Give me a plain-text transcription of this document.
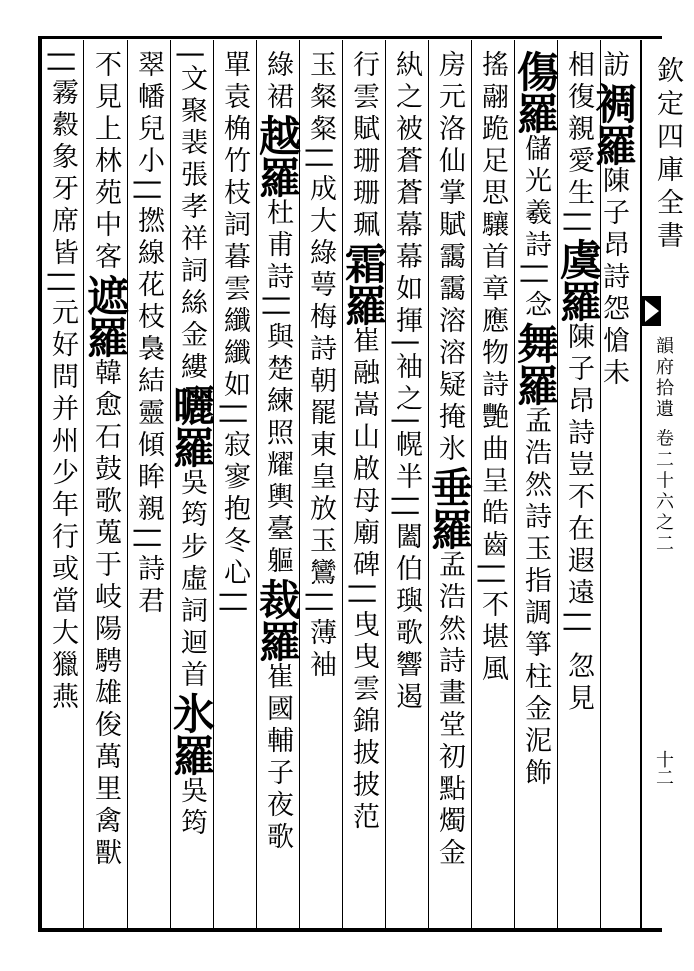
欽定四庫全書
韻府拾遺 卷二十六之二
十二
訪裯羅陳子昂詩怨愴未
相復親愛生||虞羅陳子昂詩豈不在遐遠|| 忽見
傷羅儲光羲詩||念舞羅孟浩然詩玉指調箏柱金泥飾
搖翮跪足思驤首章應物詩艷曲呈皓齒||不堪風
房元洛仙掌賦靄靄溶溶疑掩氷垂羅孟浩然詩畫堂初點燭金
紈之被蒼蒼幕幕如揮|袖之|幌半||闔伯璵歌響遏
行雲賦珊珊珮霜羅崔融嵩山啟母廟碑||曳曳雲錦披披范
玉粲粲||成大綠萼梅詩朝罷東皇放玉鸞||薄袖
綠裙越羅杜甫詩||與楚練照耀輿臺軀裁羅崔國輔子夜歌
單袁桷竹枝詞暮雲纖纖如||寂寥抱冬心||
|文聚裴張孝祥詞絲金縷曬羅吳筠步虛詞迴首氷羅吳筠
翠幡兒小||撚線花枝裊結靈傾眸親||詩君
不見上林苑中客遮羅韓愈石鼓歌蒐于岐陽騁雄俊萬里禽獸
||霧縠象牙席皆||元好問并州少年行或當大獵燕
